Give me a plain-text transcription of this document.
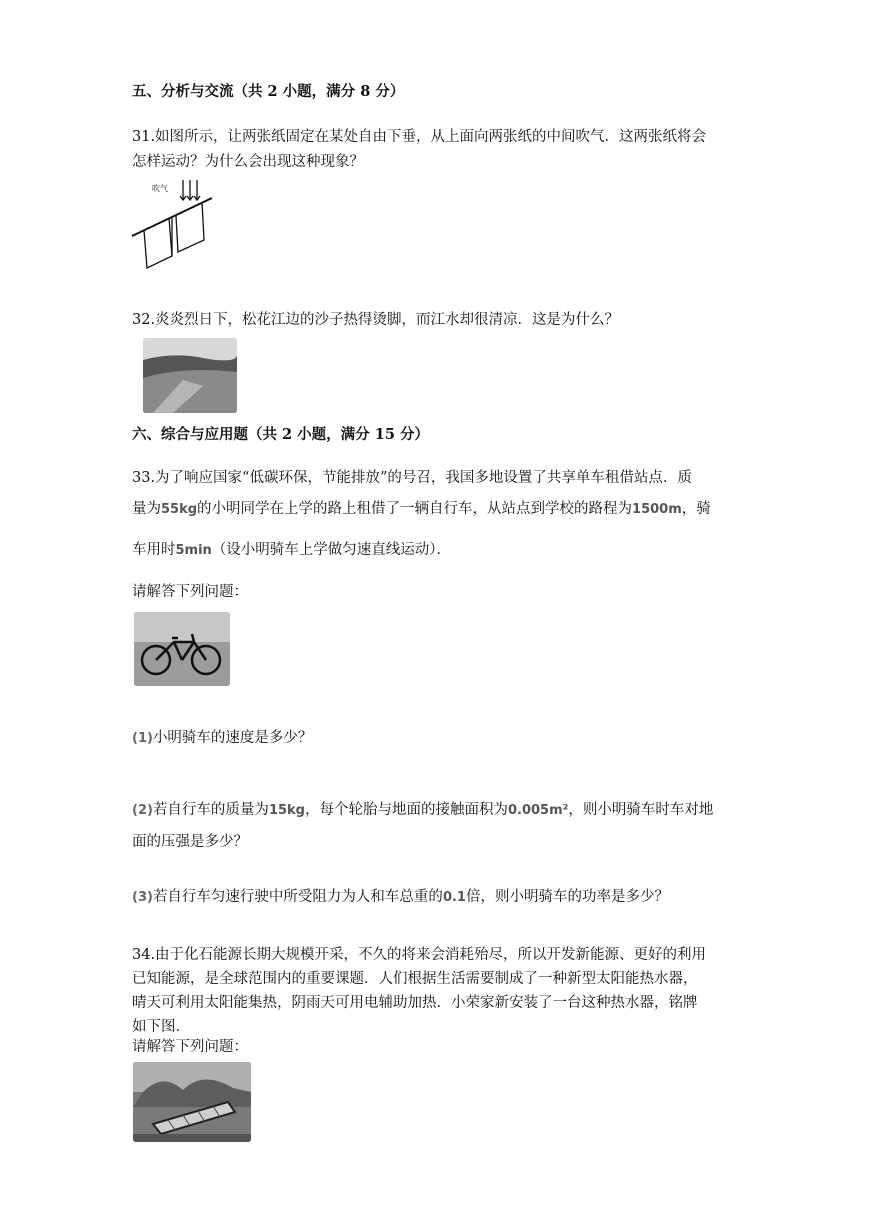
五、分析与交流（共 2 小题，满分 8 分）
31.如图所示，让两张纸固定在某处自由下垂，从上面向两张纸的中间吹气．这两张纸将会
怎样运动？为什么会出现这种现象？
吹气
32.炎炎烈日下，松花江边的沙子热得烫脚，而江水却很清凉．这是为什么？
六、综合与应用题（共 2 小题，满分 15 分）
33.为了响应国家“低碳环保，节能排放”的号召，我国多地设置了共享单车租借站点．质
量为55kg的小明同学在上学的路上租借了一辆自行车，从站点到学校的路程为1500m，骑
车用时5min（设小明骑车上学做匀速直线运动）．
请解答下列问题：
(1)小明骑车的速度是多少？
(2)若自行车的质量为15kg，每个轮胎与地面的接触面积为0.005m²，则小明骑车时车对地
面的压强是多少？
(3)若自行车匀速行驶中所受阻力为人和车总重的0.1倍，则小明骑车的功率是多少？
34.由于化石能源长期大规模开采，不久的将来会消耗殆尽，所以开发新能源、更好的利用
已知能源，是全球范围内的重要课题．人们根据生活需要制成了一种新型太阳能热水器，
晴天可利用太阳能集热，阴雨天可用电辅助加热．小荣家新安装了一台这种热水器，铭牌
如下图．
请解答下列问题：
